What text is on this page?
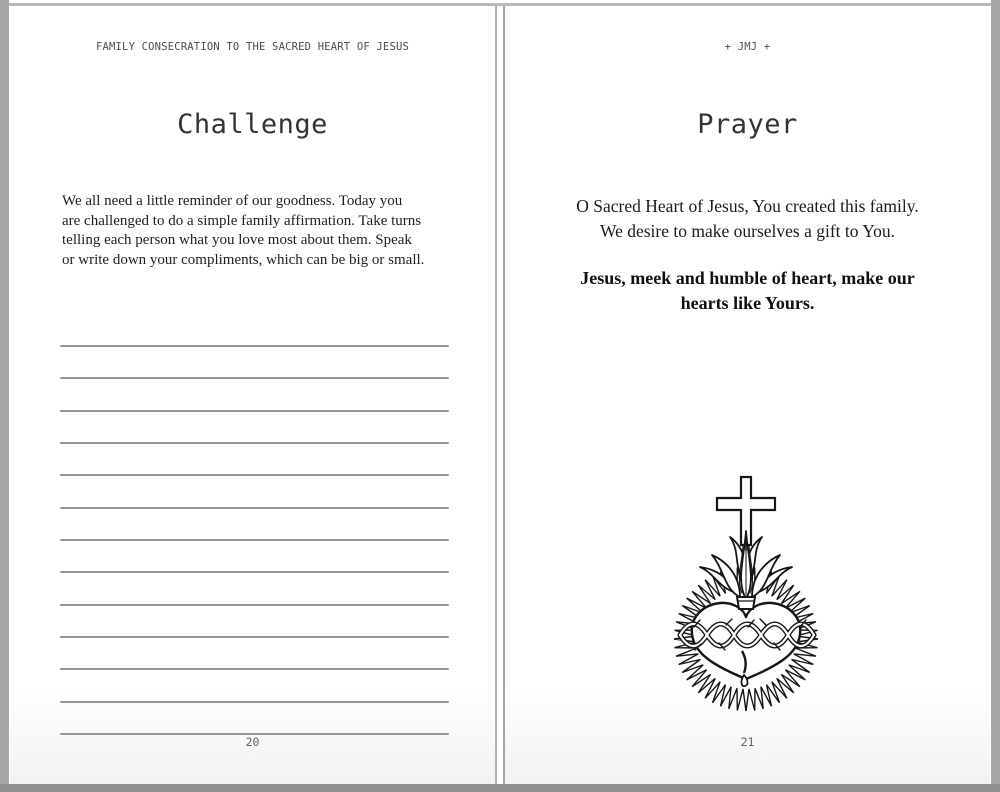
FAMILY CONSECRATION TO THE SACRED HEART OF JESUS
Challenge
We all need a little reminder of our goodness. Today you
are challenged to do a simple family affirmation. Take turns
telling each person what you love most about them. Speak
or write down your compliments, which can be big or small.
20
+ JMJ +
Prayer
O Sacred Heart of Jesus, You created this family.
We desire to make ourselves a gift to You.
Jesus, meek and humble of heart, make our
hearts like Yours.
21
